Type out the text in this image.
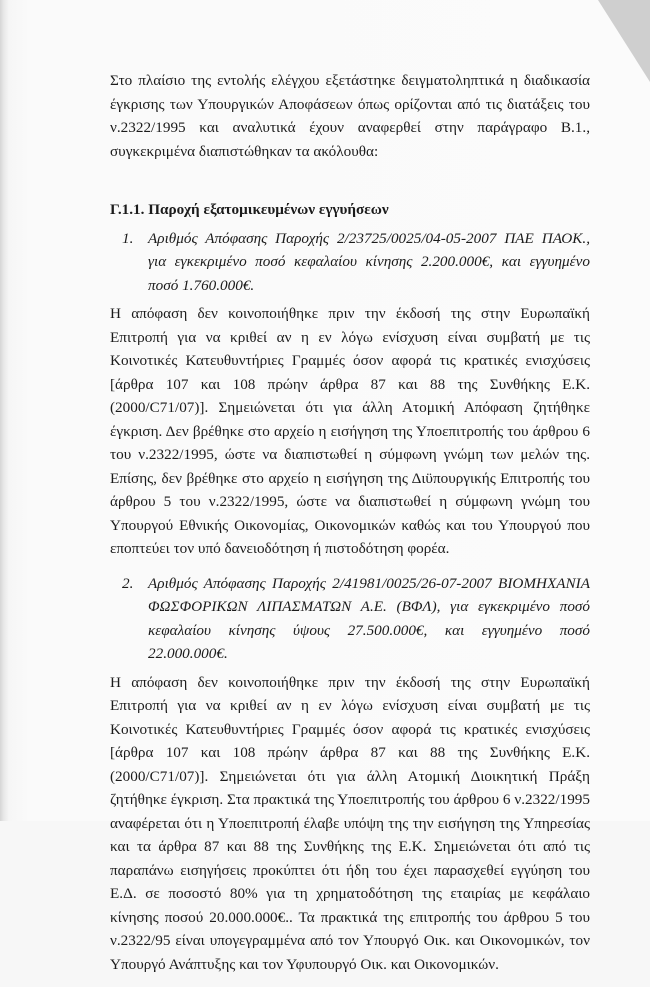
Στο πλαίσιο της εντολής ελέγχου εξετάστηκε δειγματοληπτικά η διαδικασία έγκρισης των Υπουργικών Αποφάσεων όπως ορίζονται από τις διατάξεις του ν.2322/1995 και αναλυτικά έχουν αναφερθεί στην παράγραφο Β.1., συγκεκριμένα διαπιστώθηκαν τα ακόλουθα:

Γ.1.1. Παροχή εξατομικευμένων εγγυήσεων

1. Αριθμός Απόφασης Παροχής 2/23725/0025/04-05-2007 ΠΑΕ ΠΑΟΚ., για εγκεκριμένο ποσό κεφαλαίου κίνησης 2.200.000€, και εγγυημένο ποσό 1.760.000€.

Η απόφαση δεν κοινοποιήθηκε πριν την έκδοσή της στην Ευρωπαϊκή Επιτροπή για να κριθεί αν η εν λόγω ενίσχυση είναι συμβατή με τις Κοινοτικές Κατευθυντήριες Γραμμές όσον αφορά τις κρατικές ενισχύσεις [άρθρα 107 και 108 πρώην άρθρα 87 και 88 της Συνθήκης Ε.Κ. (2000/C71/07)]. Σημειώνεται ότι για άλλη Ατομική Απόφαση ζητήθηκε έγκριση. Δεν βρέθηκε στο αρχείο η εισήγηση της Υποεπιτροπής του άρθρου 6 του ν.2322/1995, ώστε να διαπιστωθεί η σύμφωνη γνώμη των μελών της. Επίσης, δεν βρέθηκε στο αρχείο η εισήγηση της Διϋπουργικής Επιτροπής του άρθρου 5 του ν.2322/1995, ώστε να διαπιστωθεί η σύμφωνη γνώμη του Υπουργού Εθνικής Οικονομίας, Οικονομικών καθώς και του Υπουργού που εποπτεύει τον υπό δανειοδότηση ή πιστοδότηση φορέα.

2. Αριθμός Απόφασης Παροχής 2/41981/0025/26-07-2007 ΒΙΟΜΗΧΑΝΙΑ ΦΩΣΦΟΡΙΚΩΝ ΛΙΠΑΣΜΑΤΩΝ Α.Ε. (ΒΦΛ), για εγκεκριμένο ποσό κεφαλαίου κίνησης ύψους 27.500.000€, και εγγυημένο ποσό 22.000.000€.

Η απόφαση δεν κοινοποιήθηκε πριν την έκδοσή της στην Ευρωπαϊκή Επιτροπή για να κριθεί αν η εν λόγω ενίσχυση είναι συμβατή με τις Κοινοτικές Κατευθυντήριες Γραμμές όσον αφορά τις κρατικές ενισχύσεις [άρθρα 107 και 108 πρώην άρθρα 87 και 88 της Συνθήκης Ε.Κ. (2000/C71/07)]. Σημειώνεται ότι για άλλη Ατομική Διοικητική Πράξη ζητήθηκε έγκριση. Στα πρακτικά της Υποεπιτροπής του άρθρου 6 ν.2322/1995 αναφέρεται ότι η Υποεπιτροπή έλαβε υπόψη της την εισήγηση της Υπηρεσίας και τα άρθρα 87 και 88 της Συνθήκης της Ε.Κ. Σημειώνεται ότι από τις παραπάνω εισηγήσεις προκύπτει ότι ήδη του έχει παρασχεθεί εγγύηση του Ε.Δ. σε ποσοστό 80% για τη χρηματοδότηση της εταιρίας με κεφάλαιο κίνησης ποσού 20.000.000€.. Τα πρακτικά της επιτροπής του άρθρου 5 του ν.2322/95 είναι υπογεγραμμένα από τον Υπουργό Οικ. και Οικονομικών, τον Υπουργό Ανάπτυξης και τον Υφυπουργό Οικ. και Οικονομικών.
